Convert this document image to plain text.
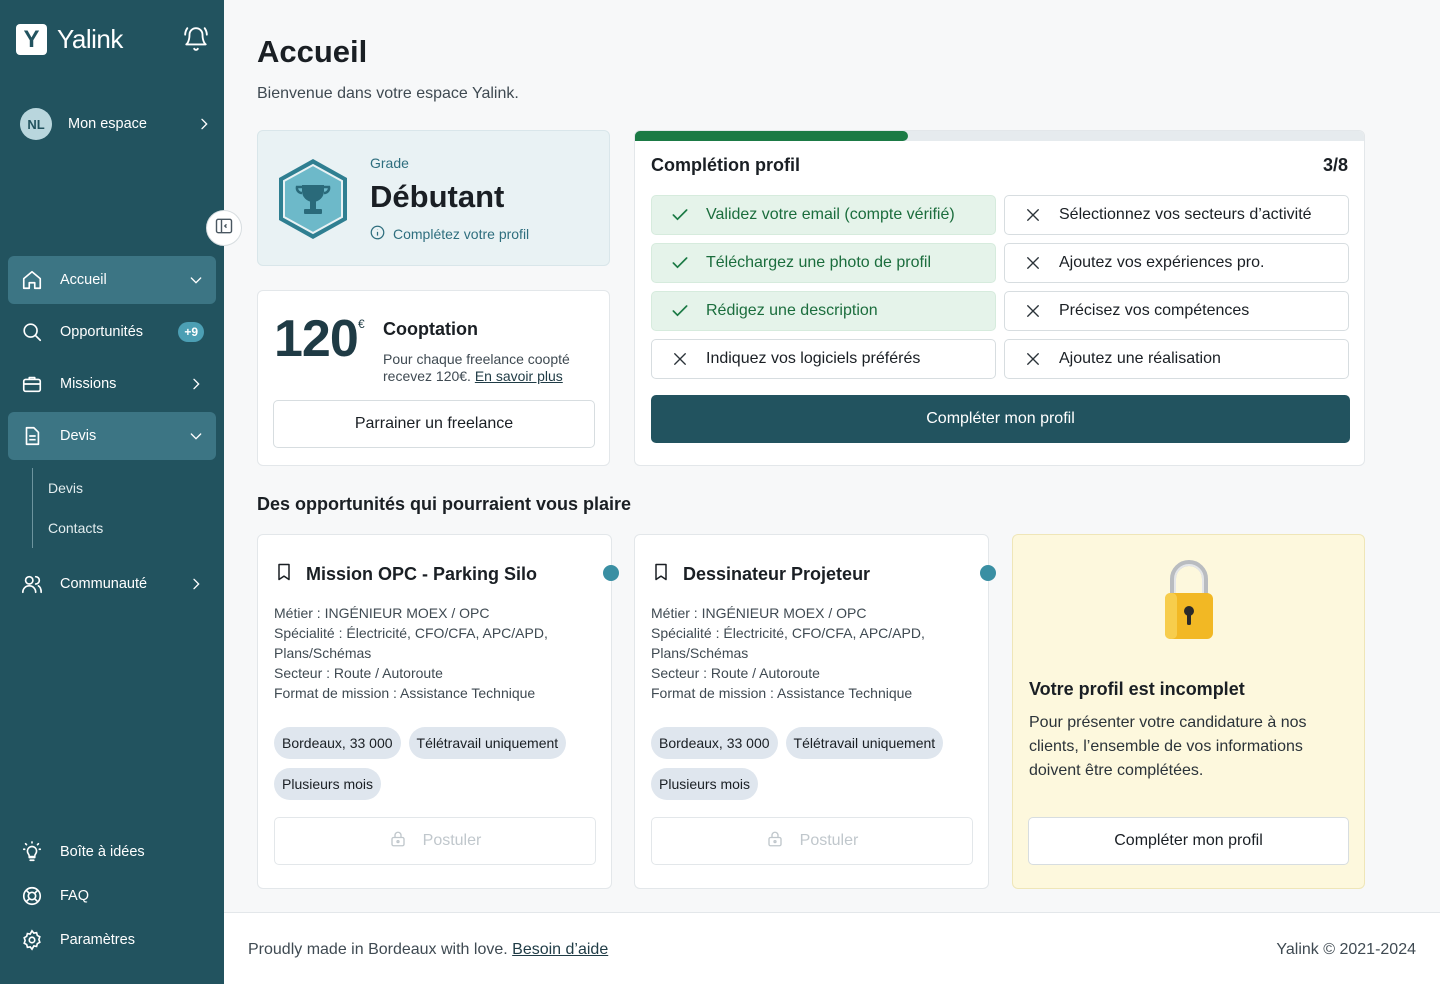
Y Yalink
NL	Mon espace
Accueil
Opportunités	+9
Missions
Devis
Devis
Contacts
Communauté
Boîte à idées
FAQ
Paramètres
Accueil

Bienvenue dans votre espace Yalink.

Grade
Débutant
Complétez votre profil
120 € Cooptation
Pour chaque freelance coopté recevez 120€. En savoir plus
Parrainer un freelance
Complétion profil	3/8
Validez votre email (compte vérifié)
Téléchargez une photo de profil
Rédigez une description
Indiquez vos logiciels préférés
Sélectionnez vos secteurs d’activité
Ajoutez vos expériences pro.
Précisez vos compétences
Ajoutez une réalisation
Compléter mon profil
Des opportunités qui pourraient vous plaire
Mission OPC - Parking Silo
Métier : INGÉNIEUR MOEX / OPC
Spécialité : Électricité, CFO/CFA, APC/APD, Plans/Schémas
Secteur : Route / Autoroute
Format de mission : Assistance Technique
Bordeaux, 33 000	Télétravail uniquement
Plusieurs mois
Postuler
Dessinateur Projeteur
Métier : INGÉNIEUR MOEX / OPC
Spécialité : Électricité, CFO/CFA, APC/APD, Plans/Schémas
Secteur : Route / Autoroute
Format de mission : Assistance Technique
Bordeaux, 33 000	Télétravail uniquement
Plusieurs mois
Postuler
Votre profil est incomplet
Pour présenter votre candidature à nos clients, l’ensemble de vos informations doivent être complétées.
Compléter mon profil
Proudly made in Bordeaux with love. Besoin d’aide	Yalink © 2021-2024
